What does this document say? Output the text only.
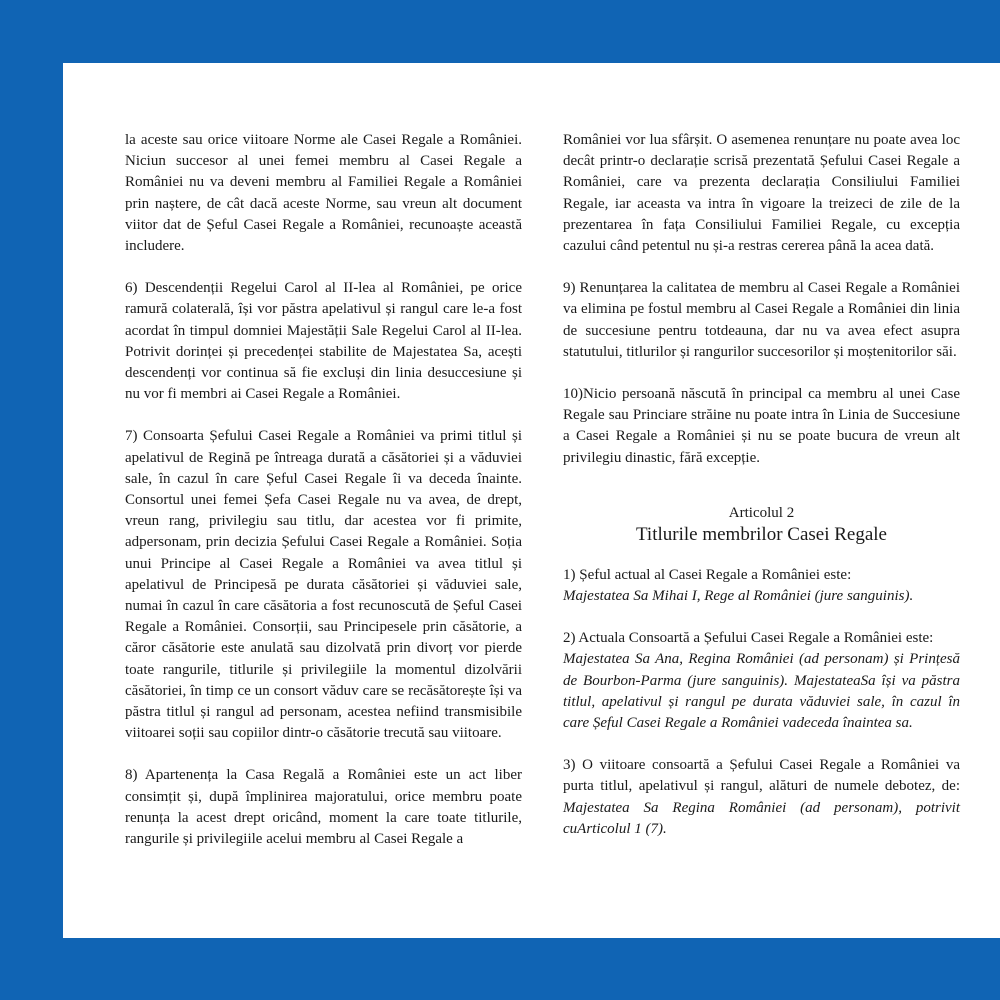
la aceste sau orice viitoare Norme ale Casei Regale a României. Niciun succesor al unei femei membru al Casei Regale a României nu va deveni membru al Familiei Regale a României prin naștere, de cât dacă aceste Norme, sau vreun alt document viitor dat de Șeful Casei Regale a României, recunoaște această includere.

6) Descendenții Regelui Carol al II-lea al României, pe orice ramură colaterală, își vor păstra apelativul și rangul care le-a fost acordat în timpul domniei Majestății Sale Regelui Carol al II-lea. Potrivit dorinței și precedenței stabilite de Majestatea Sa, acești descendenți vor continua să fie excluși din linia desuccesiune și nu vor fi membri ai Casei Regale a României.

7) Consoarta Șefului Casei Regale a României va primi titlul și apelativul de Regină pe întreaga durată a căsătoriei și a văduviei sale, în cazul în care Șeful Casei Regale îi va deceda înainte. Consortul unei femei Șefa Casei Regale nu va avea, de drept, vreun rang, privilegiu sau titlu, dar acestea vor fi primite, adpersonam, prin decizia Șefului Casei Regale a României. Soția unui Principe al Casei Regale a României va avea titlul și apelativul de Principesă pe durata căsătoriei și văduviei sale, numai în cazul în care căsătoria a fost recunoscută de Șeful Casei Regale a României. Consorții, sau Principesele prin căsătorie, a căror căsătorie este anulată sau dizolvată prin divorț vor pierde toate rangurile, titlurile și privilegiile la momentul dizolvării căsătoriei, în timp ce un consort văduv care se recăsătorește își va păstra titlul și rangul ad personam, acestea nefiind transmisibile viitoarei soții sau copiilor dintr-o căsătorie trecută sau viitoare.

8) Apartenența la Casa Regală a României este un act liber consimțit și, după împlinirea majoratului, orice membru poate renunța la acest drept oricând, moment la care toate titlurile, rangurile și privilegiile acelui membru al Casei Regale a

României vor lua sfârșit. O asemenea renunțare nu poate avea loc decât printr-o declarație scrisă prezentată Șefului Casei Regale a României, care va prezenta declarația Consiliului Familiei Regale, iar aceasta va intra în vigoare la treizeci de zile de la prezentarea în fața Consiliului Familiei Regale, cu excepția cazului când petentul nu și-a restras cererea până la acea dată.

9) Renunțarea la calitatea de membru al Casei Regale a României va elimina pe fostul membru al Casei Regale a României din linia de succesiune pentru totdeauna, dar nu va avea efect asupra statutului, titlurilor și rangurilor succesorilor și moștenitorilor săi.

10)Nicio persoană născută în principal ca membru al unei Case Regale sau Princiare străine nu poate intra în Linia de Succesiune a Casei Regale a României și nu se poate bucura de vreun alt privilegiu dinastic, fără excepție.

Articolul 2
Titlurile membrilor Casei Regale

1) Șeful actual al Casei Regale a României este:
Majestatea Sa Mihai I, Rege al României (jure sanguinis).

2) Actuala Consoartă a Șefului Casei Regale a României este:
Majestatea Sa Ana, Regina României (ad personam) și Prințesă de Bourbon-Parma (jure sanguinis). MajestateaSa își va păstra titlul, apelativul și rangul pe durata văduviei sale, în cazul în care Șeful Casei Regale a României vadeceda înaintea sa.

3) O viitoare consoartă a Șefului Casei Regale a României va purta titlul, apelativul și rangul, alături de numele debotez, de: Majestatea Sa Regina României (ad personam), potrivit cuArticolul 1 (7).
